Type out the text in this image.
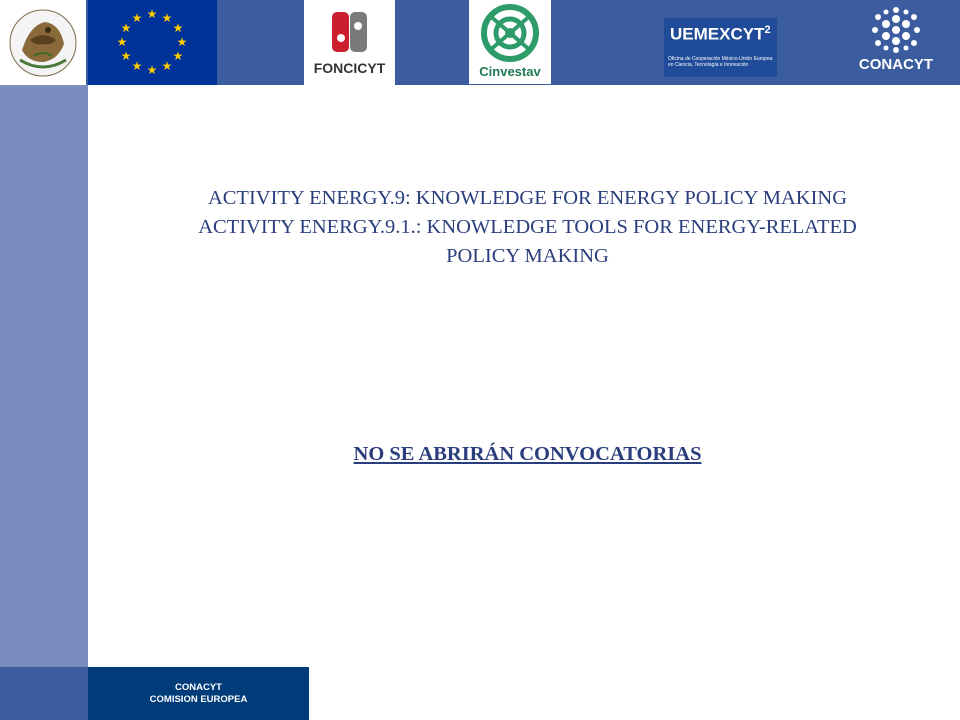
★ ★
★
★
★
★
★
★
★
★
★
★
FONCICYT	Cinvestav
UEMEXCYT$^2$
Oficina de Cooperación México-Unión Europea en Ciencia, Tecnología e Innovación	CONACYT
ACTIVITY ENERGY.9: KNOWLEDGE FOR ENERGY POLICY MAKING
ACTIVITY ENERGY.9.1.: KNOWLEDGE TOOLS FOR ENERGY-RELATED
POLICY MAKING
NO SE ABRIRÁN CONVOCATORIAS
CONACYT
COMISION EUROPEA
